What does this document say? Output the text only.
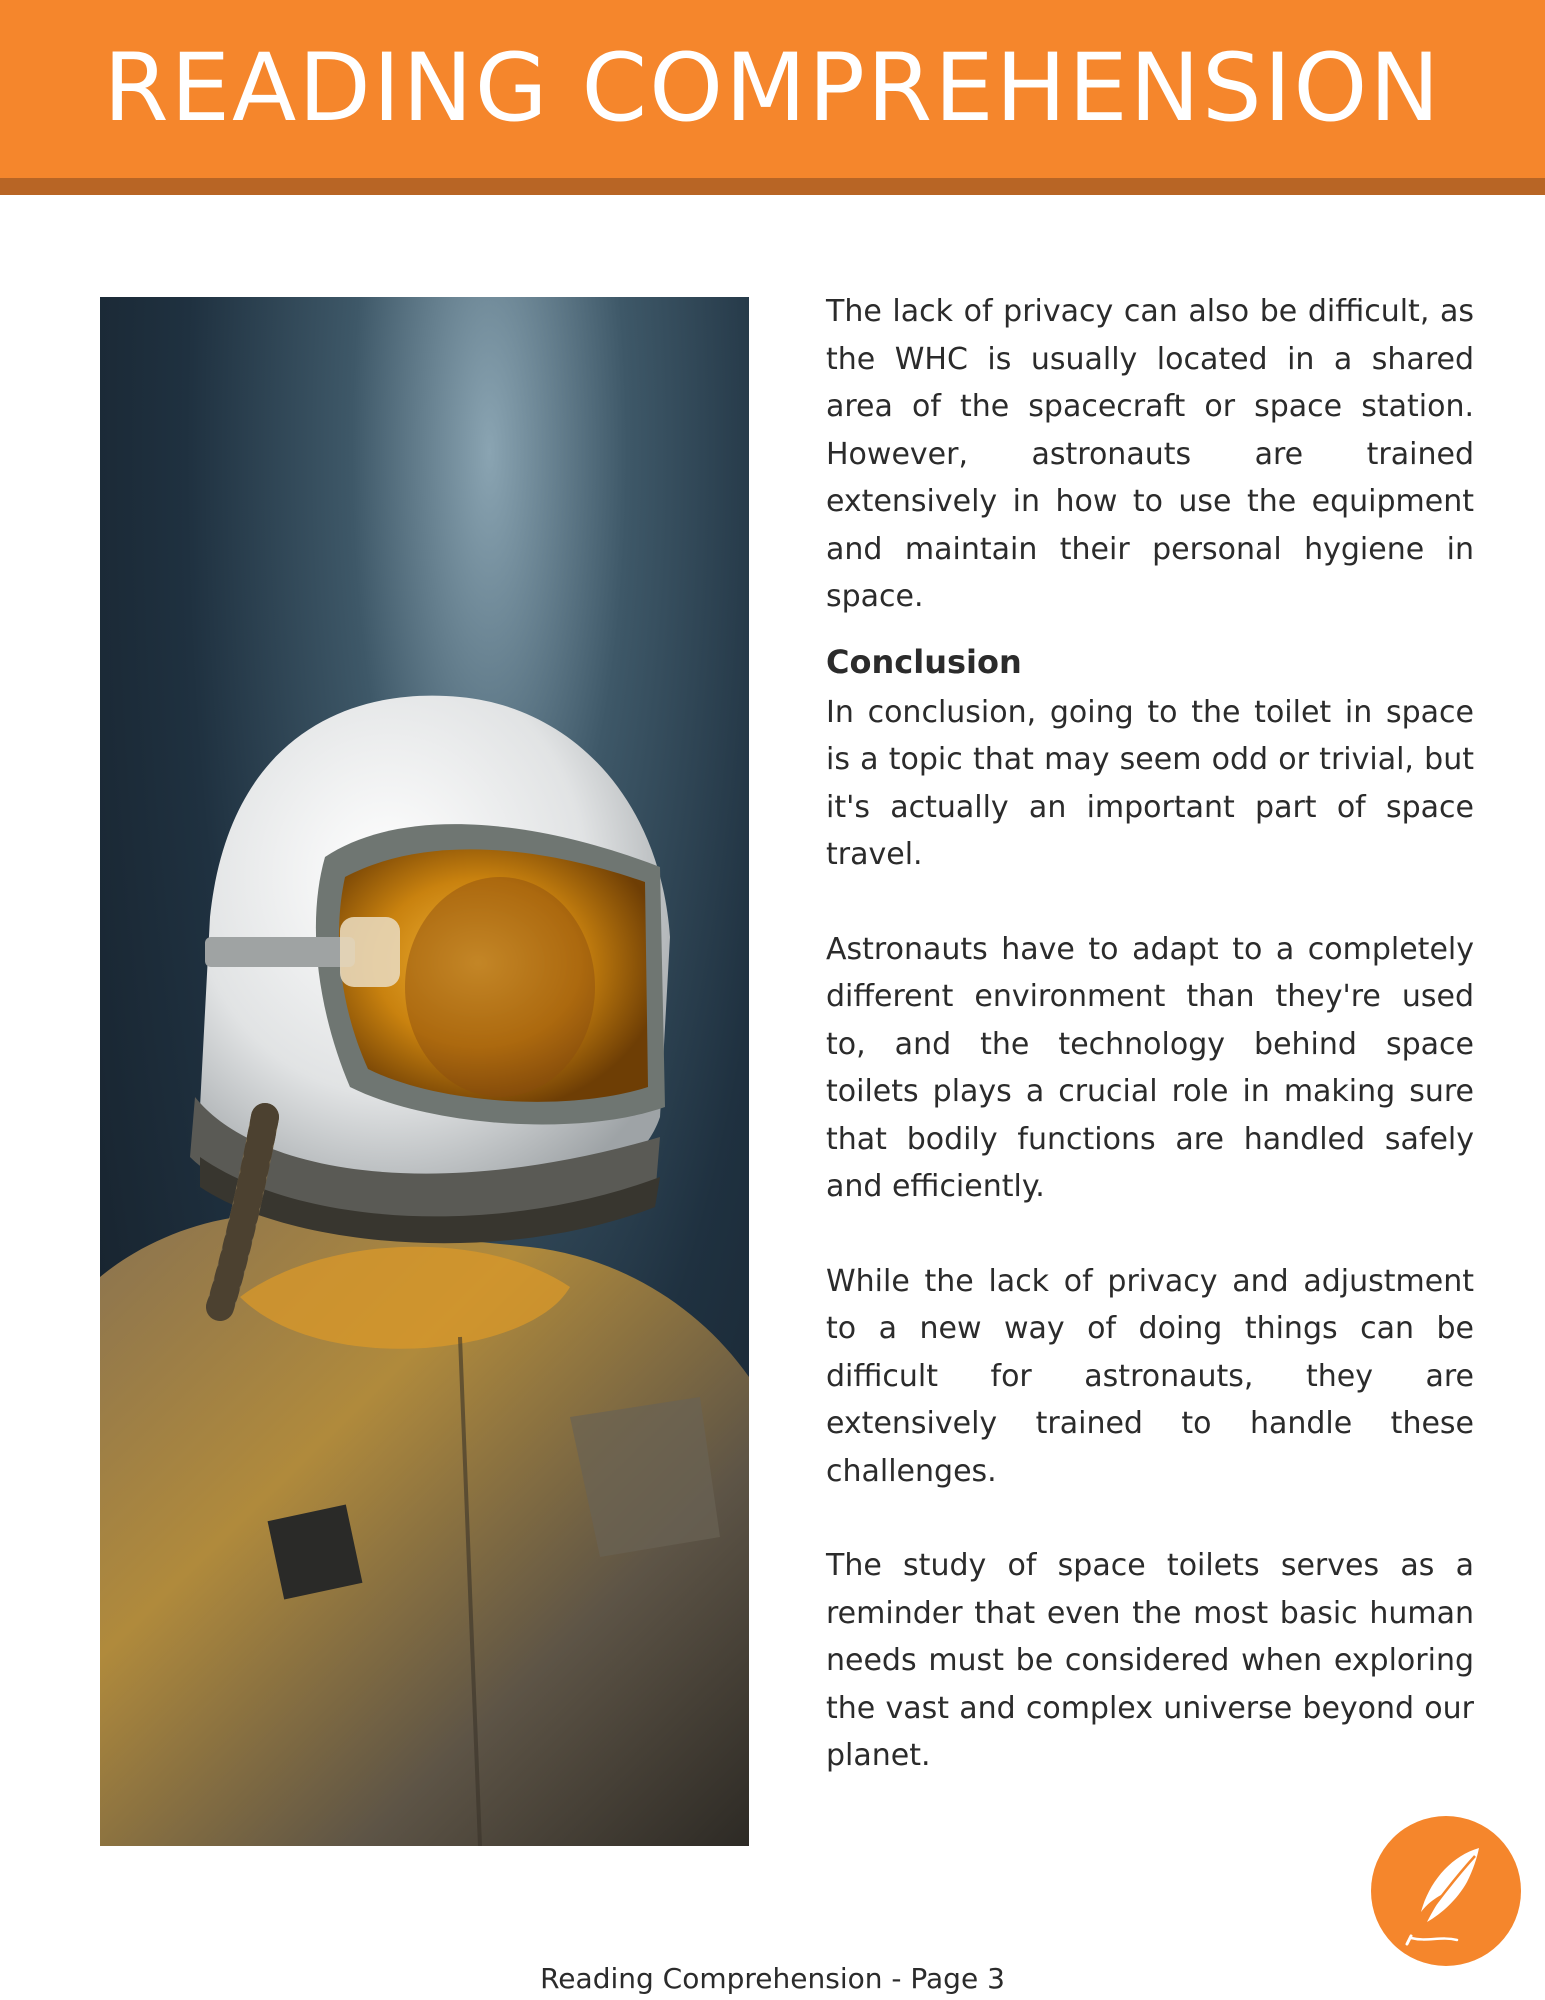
READING COMPREHENSION

The lack of privacy can also be difficult, as the WHC is usually located in a shared area of the spacecraft or space station. However, astronauts are trained extensively in how to use the equipment and maintain their personal hygiene in space.

Conclusion

In conclusion, going to the toilet in space is a topic that may seem odd or trivial, but it's actually an important part of space travel.

Astronauts have to adapt to a completely different environment than they're used to, and the technology behind space toilets plays a crucial role in making sure that bodily functions are handled safely and efficiently.

While the lack of privacy and adjustment to a new way of doing things can be difficult for astronauts, they are extensively trained to handle these challenges.

The study of space toilets serves as a reminder that even the most basic human needs must be considered when exploring the vast and complex universe beyond our planet.

Reading Comprehension - Page 3
